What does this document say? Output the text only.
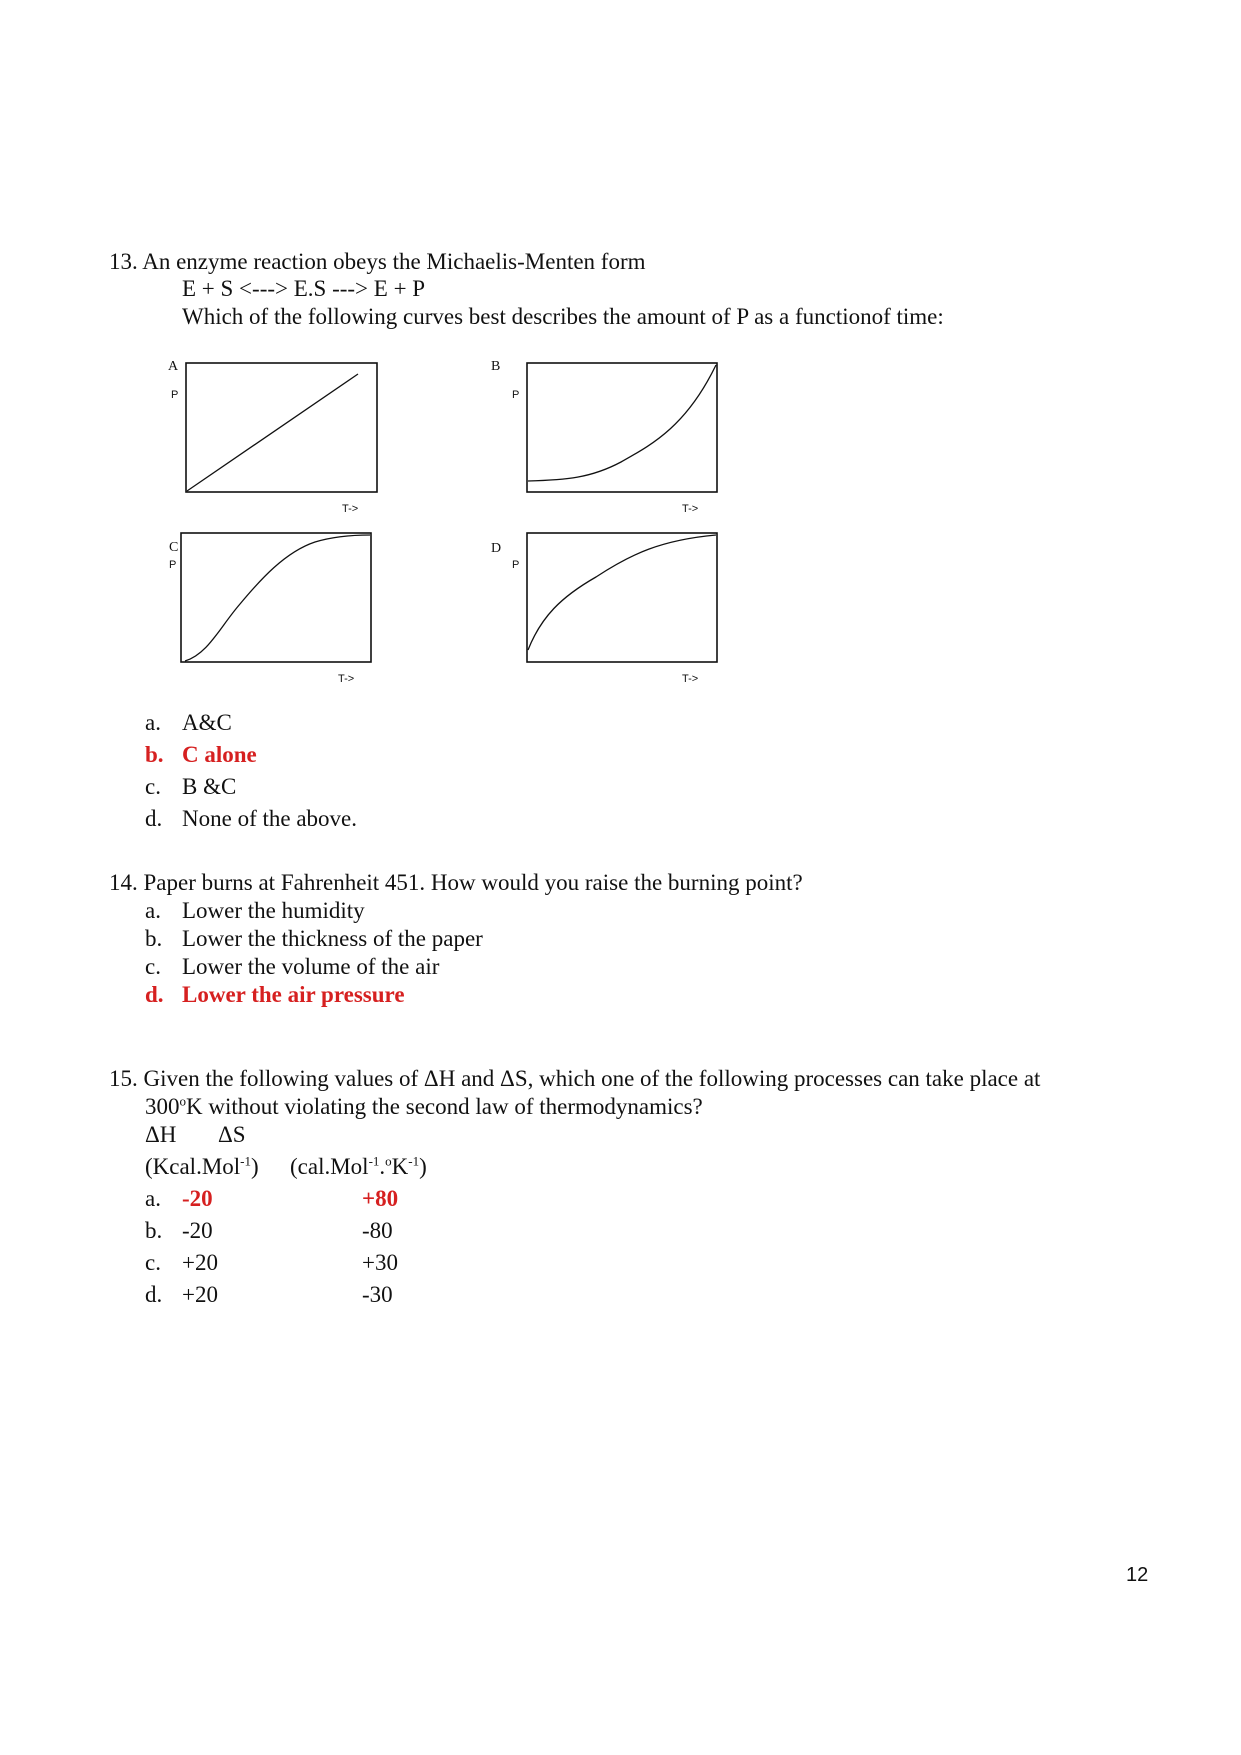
13. An enzyme reaction obeys the Michaelis-Menten form
E + S <---> E.S ---> E + P
Which of the following curves best describes the amount of P as a functionof time:
A
P
T->
B
P
T->
C
P
T->
D
P
T->
a. A&C
b. C alone
c. B &C
d. None of the above.
14. Paper burns at Fahrenheit 451. How would you raise the burning point?
a. Lower the humidity
b. Lower the thickness of the paper
c. Lower the volume of the air
d. Lower the air pressure
15. Given the following values of ΔH and ΔS, which one of the following processes can take place at
300$^o$K without violating the second law of thermodynamics?
ΔH ΔS
(Kcal.Mol$^{-1}$) $(cal.Mol^{-1}.^oK^{-1})$
a. -20	+80
b. -20	-80
c. +20	+30
d. +20	-30
12
